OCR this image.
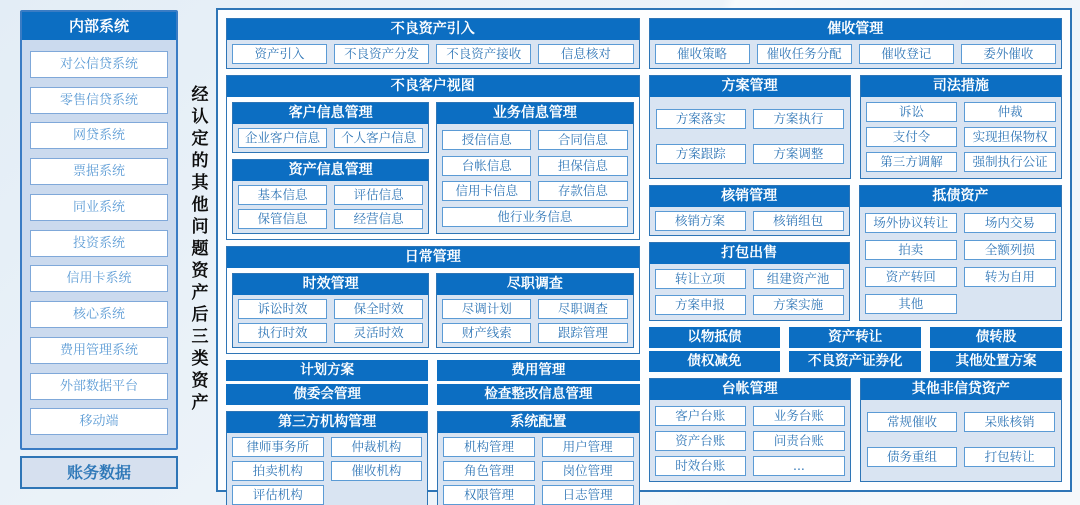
内部系统
对公信贷系统
零售信贷系统
网贷系统
票据系统
同业系统
投资系统
信用卡系统
核心系统
费用管理系统
外部数据平台
移动端
账务数据
经认定的其他问题资产后三类资产
不良资产引入
资产引入	不良资产分发	不良资产接收	信息核对
不良客户视图
客户信息管理
企业客户信息	个人客户信息
资产信息管理
基本信息	评估信息
保管信息	经营信息
业务信息管理
授信信息	合同信息
台帐信息	担保信息
信用卡信息	存款信息
他行业务信息
日常管理
时效管理
诉讼时效	保全时效
执行时效	灵活时效
尽职调查
尽调计划	尽职调查
财产线索	跟踪管理
计划方案	费用管理
债委会管理	检查整改信息管理
第三方机构管理
律师事务所	仲裁机构
拍卖机构	催收机构
评估机构
系统配置
机构管理	用户管理
角色管理	岗位管理
权限管理	日志管理
催收管理
催收策略	催收任务分配	催收登记	委外催收
方案管理
方案落实	方案执行
方案跟踪	方案调整
司法措施
诉讼	仲裁
支付令	实现担保物权
第三方调解	强制执行公证
核销管理
核销方案	核销组包
打包出售
转让立项	组建资产池
方案申报	方案实施
抵债资产
场外协议转让	场内交易
拍卖	全额列损
资产转回	转为自用
其他
以物抵债	资产转让	债转股
债权减免	不良资产证券化	其他处置方案
台帐管理
客户台账	业务台账
资产台账	问责台账
时效台账	...
其他非信贷资产
常规催收	呆账核销
债务重组	打包转让
